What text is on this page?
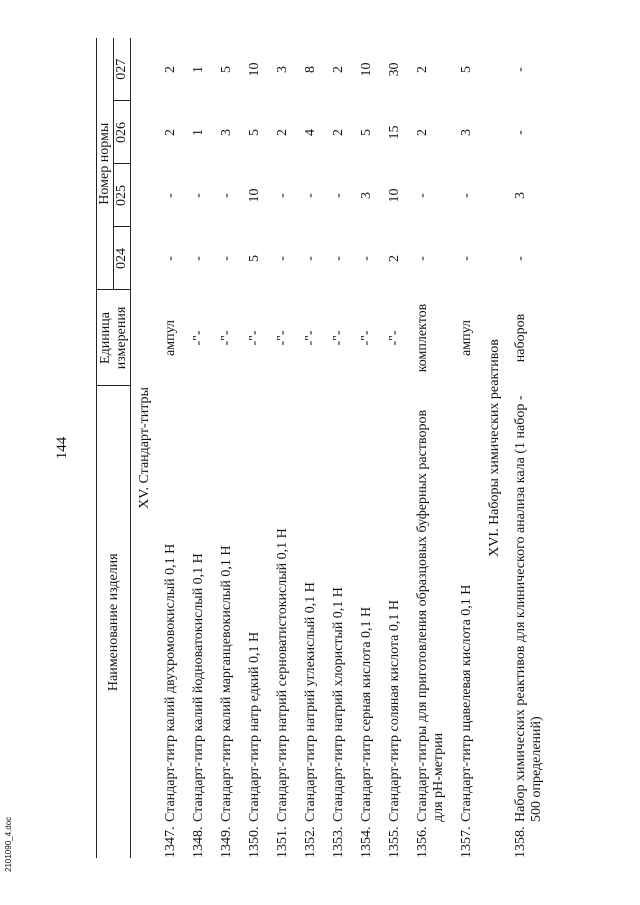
144
Наименование изделия		Единица измерения	Номер нормы			
			024	025	026	027
XV. Стандарт-титры						
1347.	Стандарт-титр калий двухромовокислый 0,1 Н	ампул	-	-	2	2
1348.	Стандарт-титр калий йодноватокислый 0,1 Н	-"-	-	-	1	1
1349.	Стандарт-титр калий марганцевокислый 0,1 Н	-"-	-	-	3	5
1350.	Стандарт-титр натр едкий 0,1 Н	-"-	5	10	5	10
1351.	Стандарт-титр натрий серноватистокислый 0,1 Н	-"-	-	-	2	3
1352.	Стандарт-титр натрий углекислый 0,1 Н	-"-	-	-	4	8
1353.	Стандарт-титр натрий хлористый 0,1 Н	-"-	-	-	2	2
1354.	Стандарт-титр серная кислота 0,1 Н	-"-	-	3	5	10
1355.	Стандарт-титр соляная кислота 0,1 Н	-"-	2	10	15	30
1356.	Стандарт-титры для приготовления образцовых буферных растворов для рН-метрии	комплектов	-	-	2	2
1357.	Стандарт-титр щавелевая кислота 0,1 Н	ампул	-	-	3	5
XVI. Наборы химических реактивов						
1358.	Набор химических реактивов для клинического анализа кала (1 набор - 500 определений)	наборов	-	3	-	-
2101090_4.doc
